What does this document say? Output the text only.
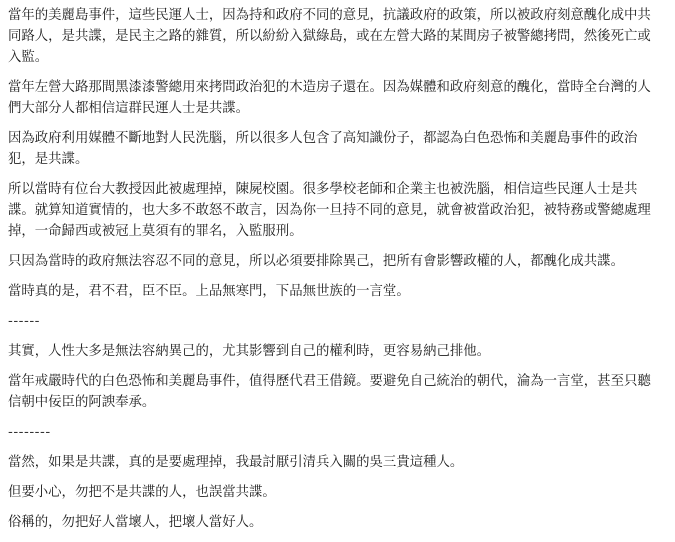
當年的美麗島事件，這些民運人士，因為持和政府不同的意見，抗議政府的政策，所以被政府刻意醜化成中共同路人，是共諜，是民主之路的雜質，所以紛紛入獄綠島，或在左營大路的某間房子被警總拷問，然後死亡或入監。

當年左營大路那間黑漆漆警總用來拷問政治犯的木造房子還在。因為媒體和政府刻意的醜化，當時全台灣的人們大部分人都相信這群民運人士是共諜。

因為政府利用媒體不斷地對人民洗腦，所以很多人包含了高知識份子，都認為白色恐怖和美麗島事件的政治犯，是共諜。

所以當時有位台大教授因此被處理掉，陳屍校園。很多學校老師和企業主也被洗腦，相信這些民運人士是共諜。就算知道實情的，也大多不敢怒不敢言，因為你一旦持不同的意見，就會被當政治犯，被特務或警總處理掉，一命歸西或被冠上莫須有的罪名，入監服刑。

只因為當時的政府無法容忍不同的意見，所以必須要排除異己，把所有會影響政權的人，都醜化成共諜。

當時真的是，君不君，臣不臣。上品無寒門，下品無世族的一言堂。

------

其實，人性大多是無法容納異己的，尤其影響到自己的權利時，更容易納己排他。

當年戒嚴時代的白色恐怖和美麗島事件，值得歷代君王借鏡。要避免自己統治的朝代，淪為一言堂，甚至只聽信朝中佞臣的阿諛奉承。

--------

當然，如果是共諜，真的是要處理掉，我最討厭引清兵入關的吳三貴這種人。

但要小心，勿把不是共諜的人，也誤當共諜。

俗稱的，勿把好人當壞人，把壞人當好人。
